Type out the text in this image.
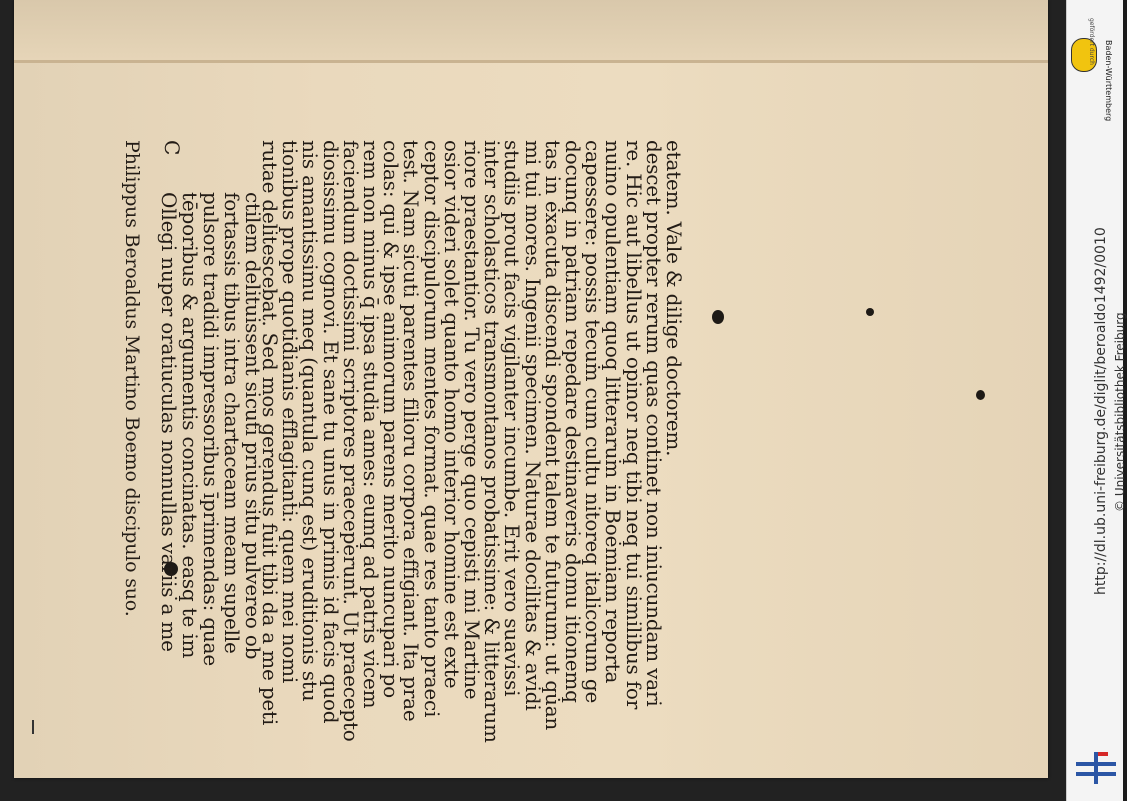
Philippus Beroaldus Martino Boemo discipulo suo. C
Ollegi nuper oratiuculas nonnullas variis a me
tēporibus & argumentis concinatas. easq̣ te im
pulsore tradidi impressoribus īprimendas: quae
fortassis tibus intra chartaceam meam supelle
ctilem delituissent sicuti prius situ pulvereo ob
rutae delitescebat. Sed mos gerendus fuit tibi da a me peti
tionibus prope quotidianis efflagitanti: quem mei nomi
nis amantissimu meq̣ (quantula cunq̣ est) eruditionis stu
diosissimu cognovi. Et sane tu unus in primis id facis quod
faciendum doctissimi scriptores praeceperunt. Ut praecepto
rem non minus q̄ ipsa studia ames: eumq̣ ad patris vicem
colas: qui & ipse animorum parens merito nuncupari po
test. Nam sicuti parentes filioru corpora effigiant. Ita prae
ceptor discipulorum mentes format. quae res tanto praeci
osior videri solet quanto homo interior homine est exte
riore praestantior. Tu vero perge quo cepisti mi Martine
inter scholasticos transmontanos probatissime: & litterarum
studiis prout facis vigilanter incumbe. Erit vero suavissi
mi tui mores. Ingenii specimen. Naturae docilitas & avidi
tas in exacuta discendi spondent talem te futurum: ut quan
docunq̣ in patriam repedare destinaveris domu itionemq̣
capessere: possis tecum cum cultu nitoreq̣ italicorum ge
nuino opulentiam quoq̣ litterarum in Boemiam reporta
re. Hic aut libellus ut opinor neq̣ tibi neq̣ tui similibus for
descet propter rerum quas continet non iniucundam vari
etatem. Vale & dilige doctorem.
gefördert durch Baden-Württemberg
http://dl.ub.uni-freiburg.de/diglit/beroaldo1492/0010 © Universitätsbibliothek Freiburg
